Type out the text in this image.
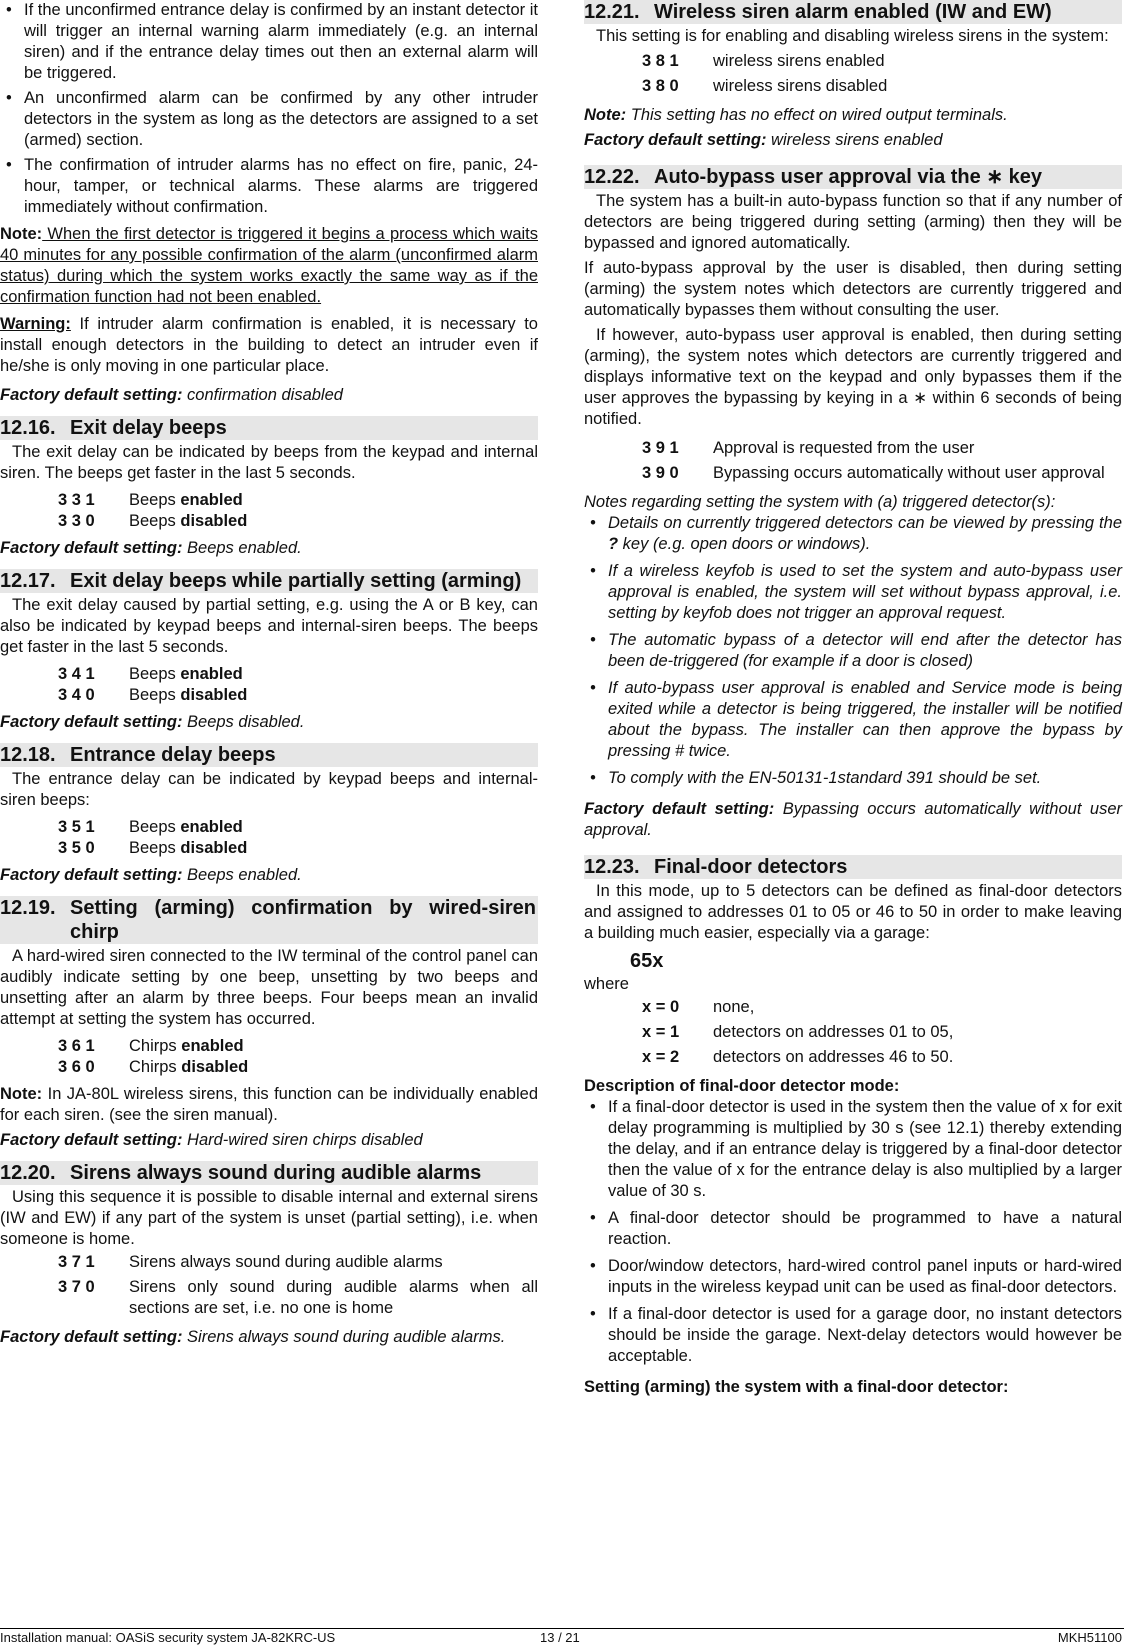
• If the unconfirmed entrance delay is confirmed by an instant detector it will trigger an internal warning alarm immediately (e.g. an internal siren) and if the entrance delay times out then an external alarm will be triggered.
• An unconfirmed alarm can be confirmed by any other intruder detectors in the system as long as the detectors are assigned to a set (armed) section.
• The confirmation of intruder alarms has no effect on fire, panic, 24-hour, tamper, or technical alarms. These alarms are triggered immediately without confirmation.

Note: When the first detector is triggered it begins a process which waits 40 minutes for any possible confirmation of the alarm (unconfirmed alarm status) during which the system works exactly the same way as if the confirmation function had not been enabled.

Warning: If intruder alarm confirmation is enabled, it is necessary to install enough detectors in the building to detect an intruder even if he/she is only moving in one particular place.

Factory default setting: confirmation disabled

12.16. Exit delay beeps

The exit delay can be indicated by beeps from the keypad and internal siren. The beeps get faster in the last 5 seconds.

3 3 1	Beeps enabled
3 3 0	Beeps disabled

Factory default setting: Beeps enabled.

12.17. Exit delay beeps while partially setting (arming)

The exit delay caused by partial setting, e.g. using the A or B key, can also be indicated by keypad beeps and internal-siren beeps. The beeps get faster in the last 5 seconds.

3 4 1	Beeps enabled
3 4 0	Beeps disabled

Factory default setting: Beeps disabled.

12.18. Entrance delay beeps

The entrance delay can be indicated by keypad beeps and internal-siren beeps:

3 5 1	Beeps enabled
3 5 0	Beeps disabled

Factory default setting: Beeps enabled.

12.19. Setting (arming) confirmation by wired-siren chirp

A hard-wired siren connected to the IW terminal of the control panel can audibly indicate setting by one beep, unsetting by two beeps and unsetting after an alarm by three beeps. Four beeps mean an invalid attempt at setting the system has occurred.

3 6 1	Chirps enabled
3 6 0	Chirps disabled

Note: In JA-80L wireless sirens, this function can be individually enabled for each siren. (see the siren manual).

Factory default setting: Hard-wired siren chirps disabled

12.20. Sirens always sound during audible alarms

Using this sequence it is possible to disable internal and external sirens (IW and EW) if any part of the system is unset (partial setting), i.e. when someone is home.

3 7 1	Sirens always sound during audible alarms
3 7 0	Sirens only sound during audible alarms when all sections are set, i.e. no one is home

Factory default setting: Sirens always sound during audible alarms.

12.21. Wireless siren alarm enabled (IW and EW)

This setting is for enabling and disabling wireless sirens in the system:

3 8 1	wireless sirens enabled
3 8 0	wireless sirens disabled

Note: This setting has no effect on wired output terminals.

Factory default setting: wireless sirens enabled

12.22. Auto-bypass user approval via the ∗ key

The system has a built-in auto-bypass function so that if any number of detectors are being triggered during setting (arming) then they will be bypassed and ignored automatically.

If auto-bypass approval by the user is disabled, then during setting (arming) the system notes which detectors are currently triggered and automatically bypasses them without consulting the user.

If however, auto-bypass user approval is enabled, then during setting (arming), the system notes which detectors are currently triggered and displays informative text on the keypad and only bypasses them if the user approves the bypassing by keying in a ∗ within 6 seconds of being notified.

3 9 1	Approval is requested from the user
3 9 0	Bypassing occurs automatically without user approval

Notes regarding setting the system with (a) triggered detector(s):

• Details on currently triggered detectors can be viewed by pressing the ? key (e.g. open doors or windows).
• If a wireless keyfob is used to set the system and auto-bypass user approval is enabled, the system will set without bypass approval, i.e. setting by keyfob does not trigger an approval request.
• The automatic bypass of a detector will end after the detector has been de-triggered (for example if a door is closed)
• If auto-bypass user approval is enabled and Service mode is being exited while a detector is being triggered, the installer will be notified about the bypass. The installer can then approve the bypass by pressing # twice.
• To comply with the EN-50131-1standard 391 should be set.

Factory default setting: Bypassing occurs automatically without user approval.

12.23. Final-door detectors

In this mode, up to 5 detectors can be defined as final-door detectors and assigned to addresses 01 to 05 or 46 to 50 in order to make leaving a building much easier, especially via a garage:

65x

where

x = 0	none,
x = 1	detectors on addresses 01 to 05,
x = 2	detectors on addresses 46 to 50.

Description of final-door detector mode:

• If a final-door detector is used in the system then the value of x for exit delay programming is multiplied by 30 s (see 12.1) thereby extending the delay, and if an entrance delay is triggered by a final-door detector then the value of x for the entrance delay is also multiplied by a larger value of 30 s.
• A final-door detector should be programmed to have a natural reaction.
• Door/window detectors, hard-wired control panel inputs or hard-wired inputs in the wireless keypad unit can be used as final-door detectors.
• If a final-door detector is used for a garage door, no instant detectors should be inside the garage. Next-delay detectors would however be acceptable.

Setting (arming) the system with a final-door detector:

Installation manual: OASiS security system JA-82KRC-US	13 / 21	MKH51100
